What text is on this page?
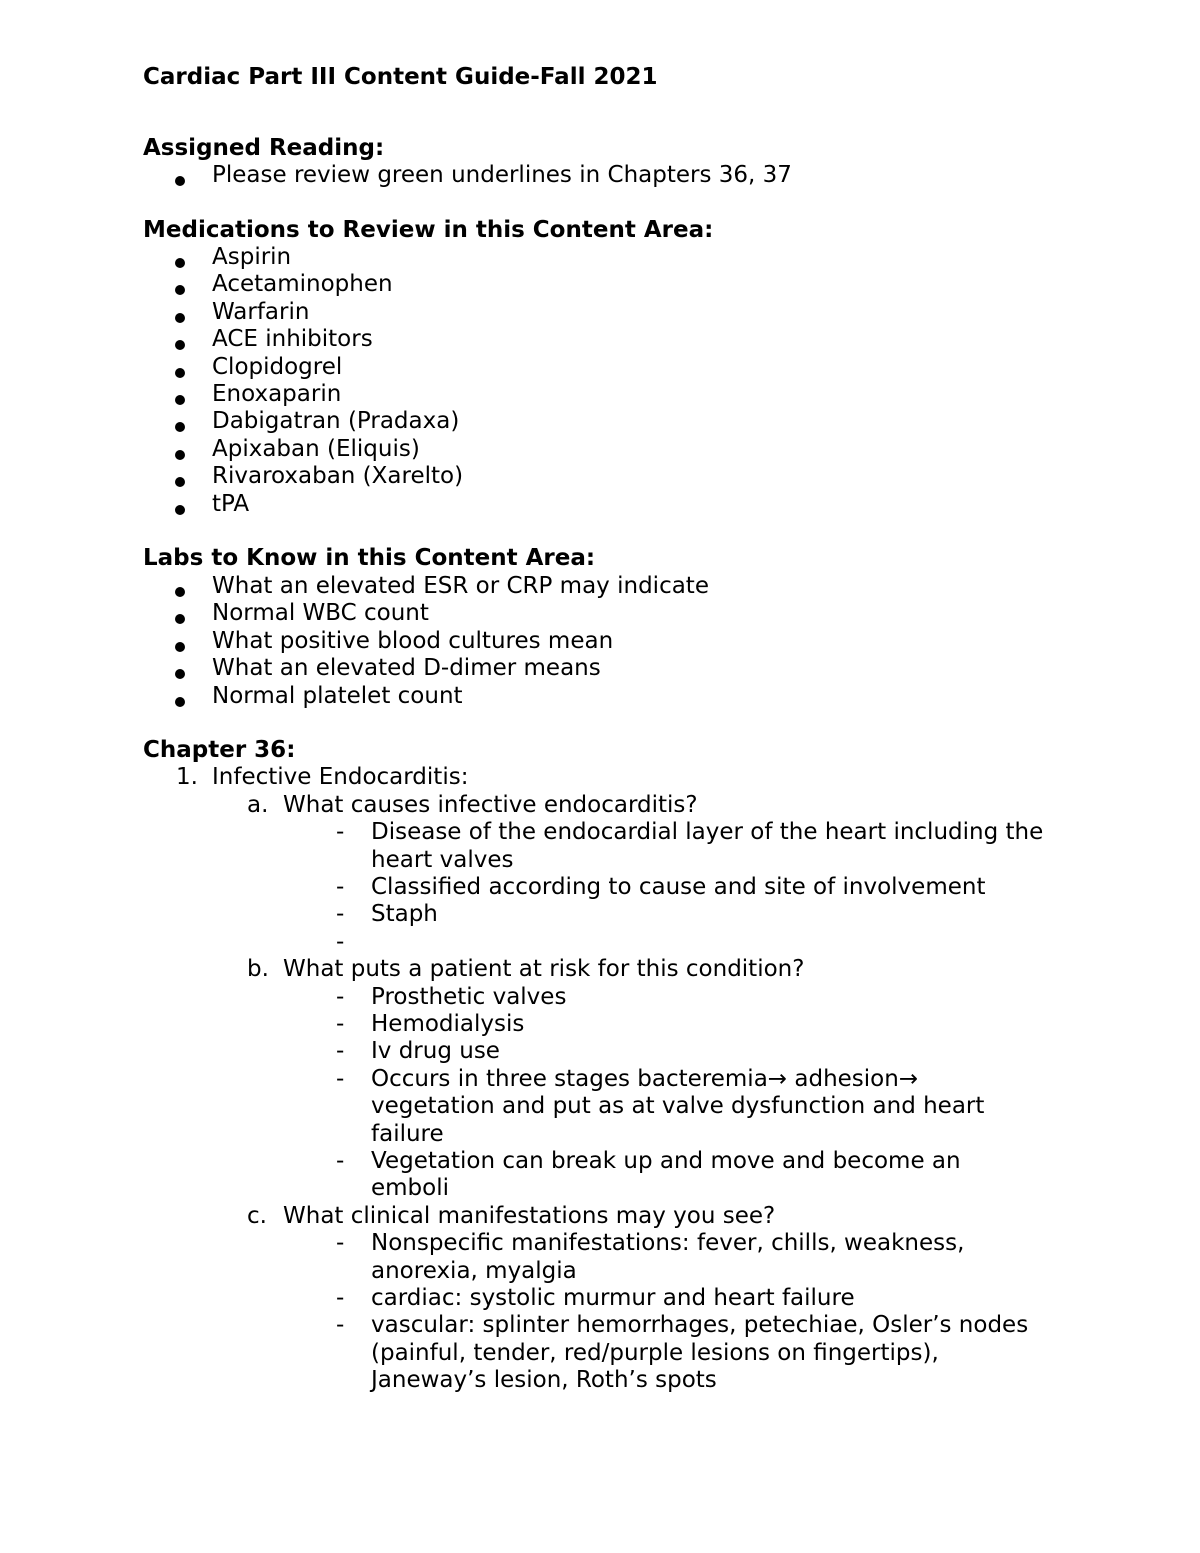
Cardiac Part III Content Guide-Fall 2021
Assigned Reading:
Please review green underlines in Chapters 36, 37
Medications to Review in this Content Area:
Aspirin
Acetaminophen
Warfarin
ACE inhibitors
Clopidogrel
Enoxaparin
Dabigatran (Pradaxa)
Apixaban (Eliquis)
Rivaroxaban (Xarelto)
tPA
Labs to Know in this Content Area:
What an elevated ESR or CRP may indicate
Normal WBC count
What positive blood cultures mean
What an elevated D-dimer means
Normal platelet count
Chapter 36:
1. Infective Endocarditis:
a. What causes infective endocarditis?
- Disease of the endocardial layer of the heart including the
heart valves
- Classified according to cause and site of involvement
- Staph
-
b. What puts a patient at risk for this condition?
- Prosthetic valves
- Hemodialysis
- Iv drug use
- Occurs in three stages bacteremia→ adhesion→
vegetation and put as at valve dysfunction and heart
failure
- Vegetation can break up and move and become an
emboli
c. What clinical manifestations may you see?
- Nonspecific manifestations: fever, chills, weakness,
anorexia, myalgia
- cardiac: systolic murmur and heart failure
- vascular: splinter hemorrhages, petechiae, Osler’s nodes
(painful, tender, red/purple lesions on fingertips),
Janeway’s lesion, Roth’s spots
